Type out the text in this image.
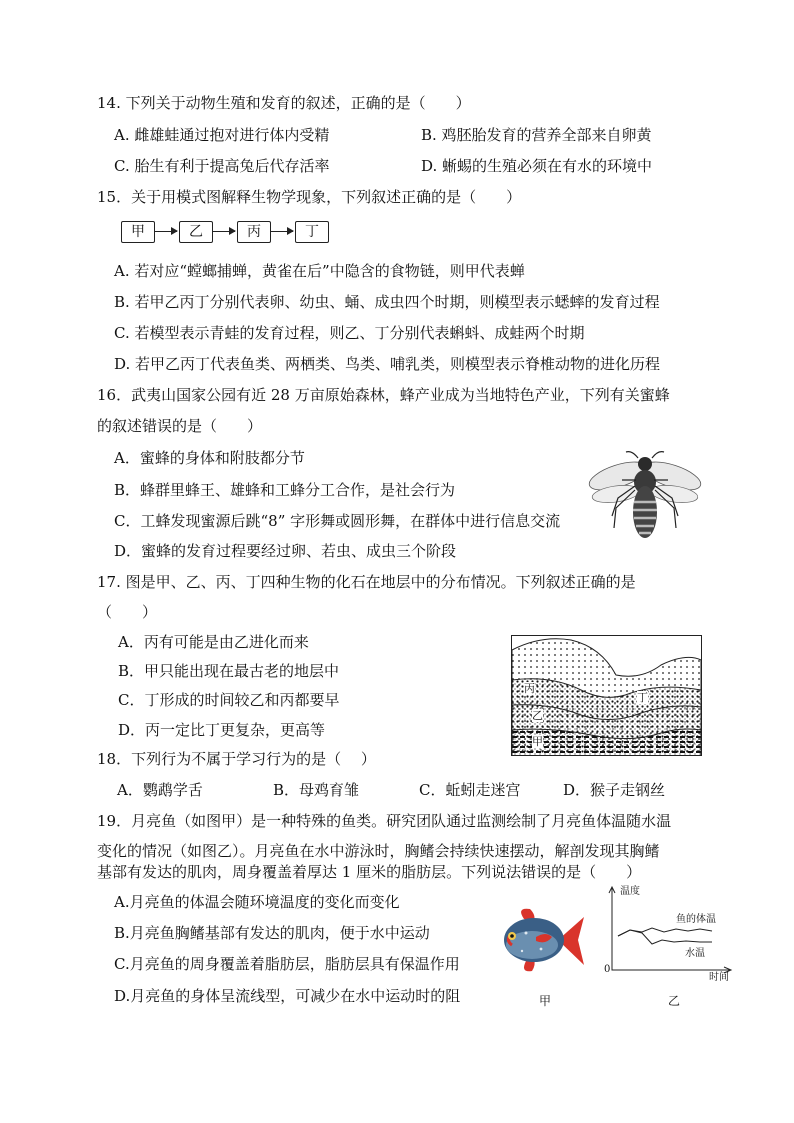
14. 下列关于动物生殖和发育的叙述，正确的是（　　）
A. 雌雄蛙通过抱对进行体内受精	B. 鸡胚胎发育的营养全部来自卵黄
C. 胎生有利于提高兔后代存活率	D. 蜥蜴的生殖必须在有水的环境中
15．关于用模式图解释生物学现象，下列叙述正确的是（　　）
甲	乙	丙	丁
A. 若对应“螳螂捕蝉，黄雀在后”中隐含的食物链，则甲代表蝉
B. 若甲乙丙丁分别代表卵、幼虫、蛹、成虫四个时期，则模型表示蟋蟀的发育过程
C. 若模型表示青蛙的发育过程，则乙、丁分别代表蝌蚪、成蛙两个时期
D. 若甲乙丙丁代表鱼类、两栖类、鸟类、哺乳类，则模型表示脊椎动物的进化历程
16．武夷山国家公园有近 28 万亩原始森林，蜂产业成为当地特色产业，下列有关蜜蜂
的叙述错误的是（　　）
A．蜜蜂的身体和附肢都分节
B．蜂群里蜂王、雄蜂和工蜂分工合作，是社会行为
C．工蜂发现蜜源后跳“8” 字形舞或圆形舞，在群体中进行信息交流
D．蜜蜂的发育过程要经过卵、若虫、成虫三个阶段
17. 图是甲、乙、丙、丁四种生物的化石在地层中的分布情况。下列叙述正确的是
（　　）
A．丙有可能是由乙进化而来
B．甲只能出现在最古老的地层中
C．丁形成的时间较乙和丙都要早
D．丙一定比丁更复杂，更高等
丙
丁
乙
甲
18．下列行为不属于学习行为的是（　 ）
A．鹦鹉学舌	B．母鸡育雏	C．蚯蚓走迷宫	D．猴子走钢丝
19．月亮鱼（如图甲）是一种特殊的鱼类。研究团队通过监测绘制了月亮鱼体温随水温
变化的情况（如图乙）。月亮鱼在水中游泳时，胸鳍会持续快速摆动，解剖发现其胸鳍
基部有发达的肌肉，周身覆盖着厚达 1 厘米的脂肪层。下列说法错误的是（　　）
A.月亮鱼的体温会随环境温度的变化而变化
B.月亮鱼胸鳍基部有发达的肌肉，便于水中运动
C.月亮鱼的周身覆盖着脂肪层，脂肪层具有保温作用
D.月亮鱼的身体呈流线型，可减少在水中运动时的阻	甲
温度
0
时间
鱼的体温
水温
乙
